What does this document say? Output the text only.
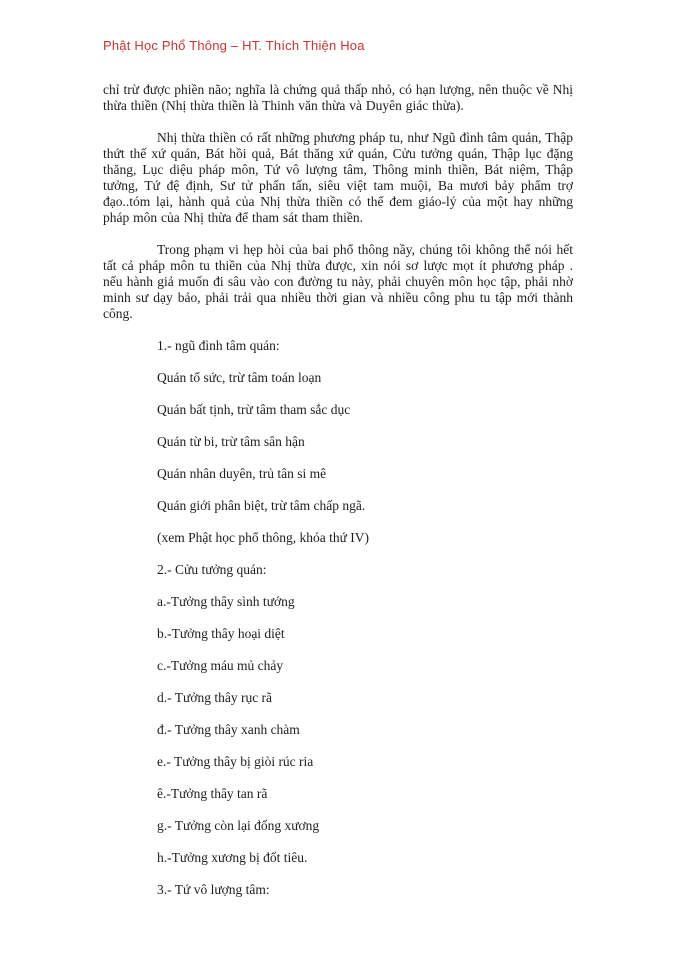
Phật Học Phổ Thông – HT. Thích Thiện Hoa

chỉ trừ được phiền não; nghĩa là chứng quả thấp nhỏ, có hạn lượng, nên thuộc về Nhị thừa thiền (Nhị thừa thiền là Thinh văn thừa và Duyên giác thừa).

Nhị thừa thiền có rất những phương pháp tu, như Ngũ đình tâm quán, Thập thứt thế xứ quán, Bát hồi quả, Bát thăng xứ quán, Cửu tưởng quán, Thập lục đặng thăng, Lục diệu pháp môn, Tứ vô lượng tâm, Thông minh thiền, Bát niệm, Thập tưởng, Tứ đệ định, Sư tử phấn tấn, siêu việt tam muội, Ba mươi bảy phẩm trợ đạo..tóm lại, hành quả của Nhị thừa thiền có thể đem giáo-lý của một hay những pháp môn của Nhị thừa để tham sát tham thiền.

Trong phạm vi hẹp hòi của bai phổ thông nầy, chúng tôi không thể nói hết tất cả pháp môn tu thiền của Nhị thừa được, xin nói sơ lược mọt ít phương pháp . nếu hành giả muốn đi sâu vào con đường tu này, phải chuyên môn học tập, phải nhờ minh sư dạy bảo, phải trải qua nhiều thời gian và nhiều công phu tu tập mới thành công.

1.- ngũ đình tâm quán:
Quán tổ sức, trừ tâm toán loạn
Quán bất tịnh, trừ tâm tham sắc dục
Quán từ bi, trừ tâm sân hận
Quán nhân duyên, trủ tân si mê
Quán giới phân biệt, trừ tâm chấp ngã.
(xem Phật học phổ thông, khóa thứ IV)
2.- Cửu tưởng quán:
a.-Tưởng thây sình tướng
b.-Tưởng thây hoại diệt
c.-Tưởng máu mủ chảy
d.- Tưởng thây rục rã
đ.- Tưởng thây xanh chàm
e.- Tưởng thây bị giòi rúc ria
ê.-Tưởng thây tan rã
g.- Tưởng còn lại đống xương
h.-Tưởng xương bị đốt tiêu.
3.- Tứ vô lượng tâm:
